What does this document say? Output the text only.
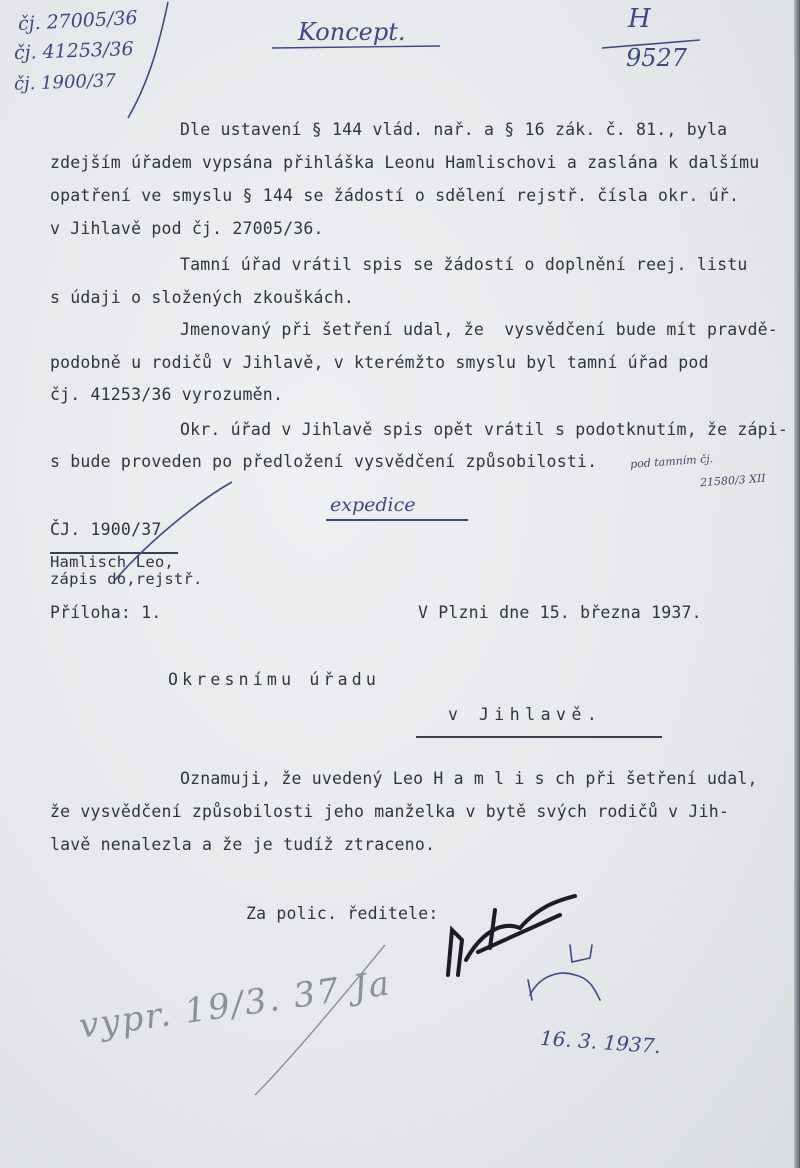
čj. 27005/36
čj. 41253/36
čj. 1900/37
Koncept.	H
9527
Dle ustavení § 144 vlád. nař. a § 16 zák. č. 81., byla
zdejším úřadem vypsána přihláška Leonu Hamlischovi a zaslána k dalšímu
opatření ve smyslu § 144 se žádostí o sdělení rejstř. čísla okr. úř.
v Jihlavě pod čj. 27005/36.
Tamní úřad vrátil spis se žádostí o doplnění reej. listu
s údaji o složených zkouškách.
Jmenovaný při šetření udal, že  vysvědčení bude mít pravdě-
podobně u rodičů v Jihlavě, v kterémžto smyslu byl tamní úřad pod
čj. 41253/36 vyrozuměn.
Okr. úřad v Jihlavě spis opět vrátil s podotknutím, že zápi-
s bude proveden po předložení vysvědčení způsobilosti.	pod tamním čj.
21580/3 XII
expedice
ČJ. 1900/37
Hamlisch Leo,
zápis do,rejstř.
Příloha: 1.	V Plzni dne 15. března 1937.
Okresnímu úřadu
v Jihlavě.
Oznamuji, že uvedený Leo H a m l i s ch při šetření udal,
že vysvědčení způsobilosti jeho manželka v bytě svých rodičů v Jih-
lavě nenalezla a že je tudíž ztraceno.
Za polic. ředitele:
16. 3. 1937.
vypr. 19/3. 37 Ja
